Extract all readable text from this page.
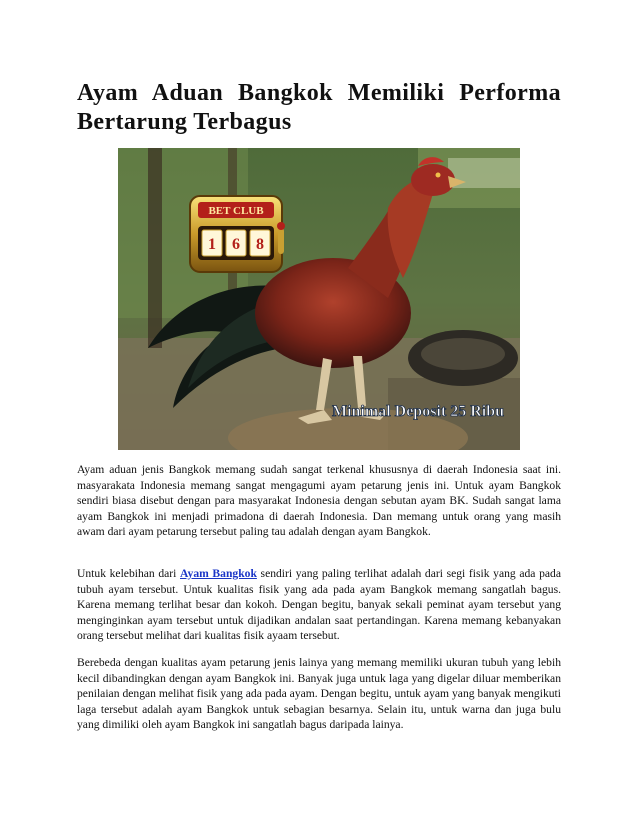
Ayam Aduan Bangkok Memiliki Performa Bertarung Terbagus
BET CLUB
1 6 8
Minimal Deposit 25 Ribu

Ayam aduan jenis Bangkok memang sudah sangat terkenal khususnya di daerah Indonesia saat ini. masyarakata Indonesia memang sangat mengagumi ayam petarung jenis ini. Untuk ayam Bangkok sendiri biasa disebut dengan para masyarakat Indonesia dengan sebutan ayam BK. Sudah sangat lama ayam Bangkok ini menjadi primadona di daerah Indonesia. Dan memang untuk orang yang masih awam dari ayam petarung tersebut paling tau adalah dengan ayam Bangkok.

Untuk kelebihan dari Ayam Bangkok sendiri yang paling terlihat adalah dari segi fisik yang ada pada tubuh ayam tersebut. Untuk kualitas fisik yang ada pada ayam Bangkok memang sangatlah bagus. Karena memang terlihat besar dan kokoh. Dengan begitu, banyak sekali peminat ayam tersebut yang menginginkan ayam tersebut untuk dijadikan andalan saat pertandingan. Karena memang kebanyakan orang tersebut melihat dari kualitas fisik ayaam tersebut.

Berebeda dengan kualitas ayam petarung jenis lainya yang memang memiliki ukuran tubuh yang lebih kecil dibandingkan dengan ayam Bangkok ini. Banyak juga untuk laga yang digelar diluar memberikan penilaian dengan melihat fisik yang ada pada ayam. Dengan begitu, untuk ayam yang banyak mengikuti laga tersebut adalah ayam Bangkok untuk sebagian besarnya. Selain itu, untuk warna dan juga bulu yang dimiliki oleh ayam Bangkok ini sangatlah bagus daripada lainya.
